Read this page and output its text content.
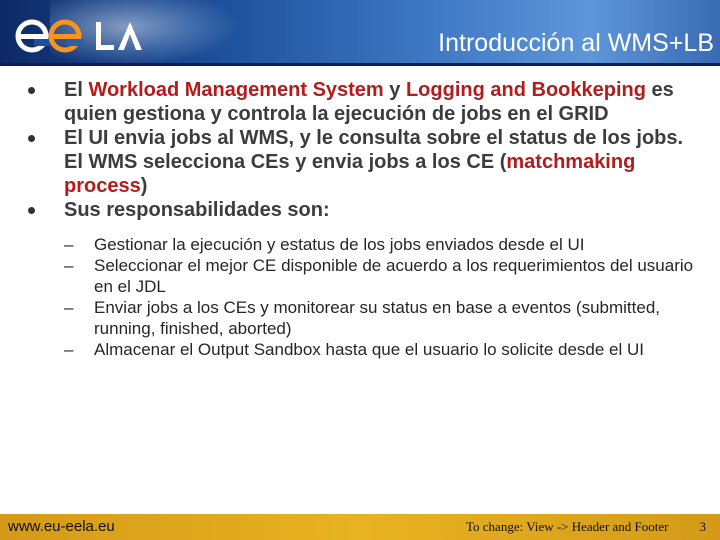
Introducción al WMS+LB
El Workload Management System y Logging and Bookkeping es quien gestiona y controla la ejecución de jobs en el GRID
El UI envia jobs al WMS, y le consulta sobre el status de los jobs. El WMS selecciona CEs y envia jobs a los CE (matchmaking process)
Sus responsabilidades son:
– Gestionar la ejecución y estatus de los jobs enviados desde el UI
– Seleccionar el mejor CE disponible de acuerdo a los requerimientos del usuario en el JDL
– Enviar jobs a los CEs y monitorear su status en base a eventos (submitted, running, finished, aborted)
– Almacenar el Output Sandbox hasta que el usuario lo solicite desde el UI
www.eu-eela.eu	To change: View -> Header and Footer 3
